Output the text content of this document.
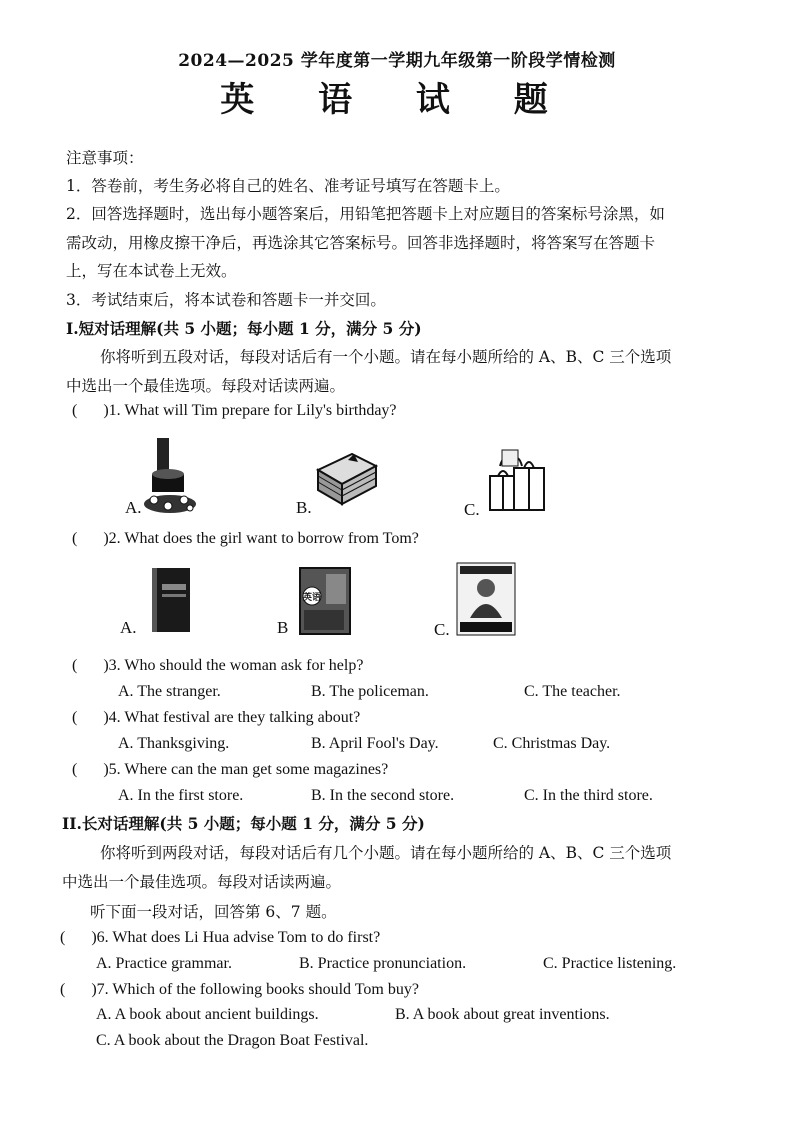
2024—2025 学年度第一学期九年级第一阶段学情检测
英 语 试 题
注意事项：
1．答卷前，考生务必将自己的姓名、准考证号填写在答题卡上。
2．回答选择题时，选出每小题答案后，用铅笔把答题卡上对应题目的答案标号涂黑，如
需改动，用橡皮擦干净后，再选涂其它答案标号。回答非选择题时，将答案写在答题卡
上，写在本试卷上无效。
3．考试结束后，将本试卷和答题卡一并交回。
I.短对话理解(共 5 小题；每小题 1 分，满分 5 分)
你将听到五段对话，每段对话后有一个小题。请在每小题所给的 A、B、C 三个选项
中选出一个最佳选项。每段对话读两遍。
( )1. What will Tim prepare for Lily's birthday?
A.	B.	C.
( )2. What does the girl want to borrow from Tom?
A.
英语
B	C.
( )3. Who should the woman ask for help?
A. The stranger.	B. The policeman.	C. The teacher.
( )4. What festival are they talking about?
A. Thanksgiving.	B. April Fool's Day.	C. Christmas Day.
( )5. Where can the man get some magazines?
A. In the first store.	B. In the second store.	C. In the third store.
II.长对话理解(共 5 小题；每小题 1 分，满分 5 分)
你将听到两段对话，每段对话后有几个小题。请在每小题所给的 A、B、C 三个选项
中选出一个最佳选项。每段对话读两遍。
听下面一段对话，回答第 6、7 题。
( )6. What does Li Hua advise Tom to do first?
A. Practice grammar.	B. Practice pronunciation.	C. Practice listening.
( )7. Which of the following books should Tom buy?
A. A book about ancient buildings.	B. A book about great inventions.
C. A book about the Dragon Boat Festival.
